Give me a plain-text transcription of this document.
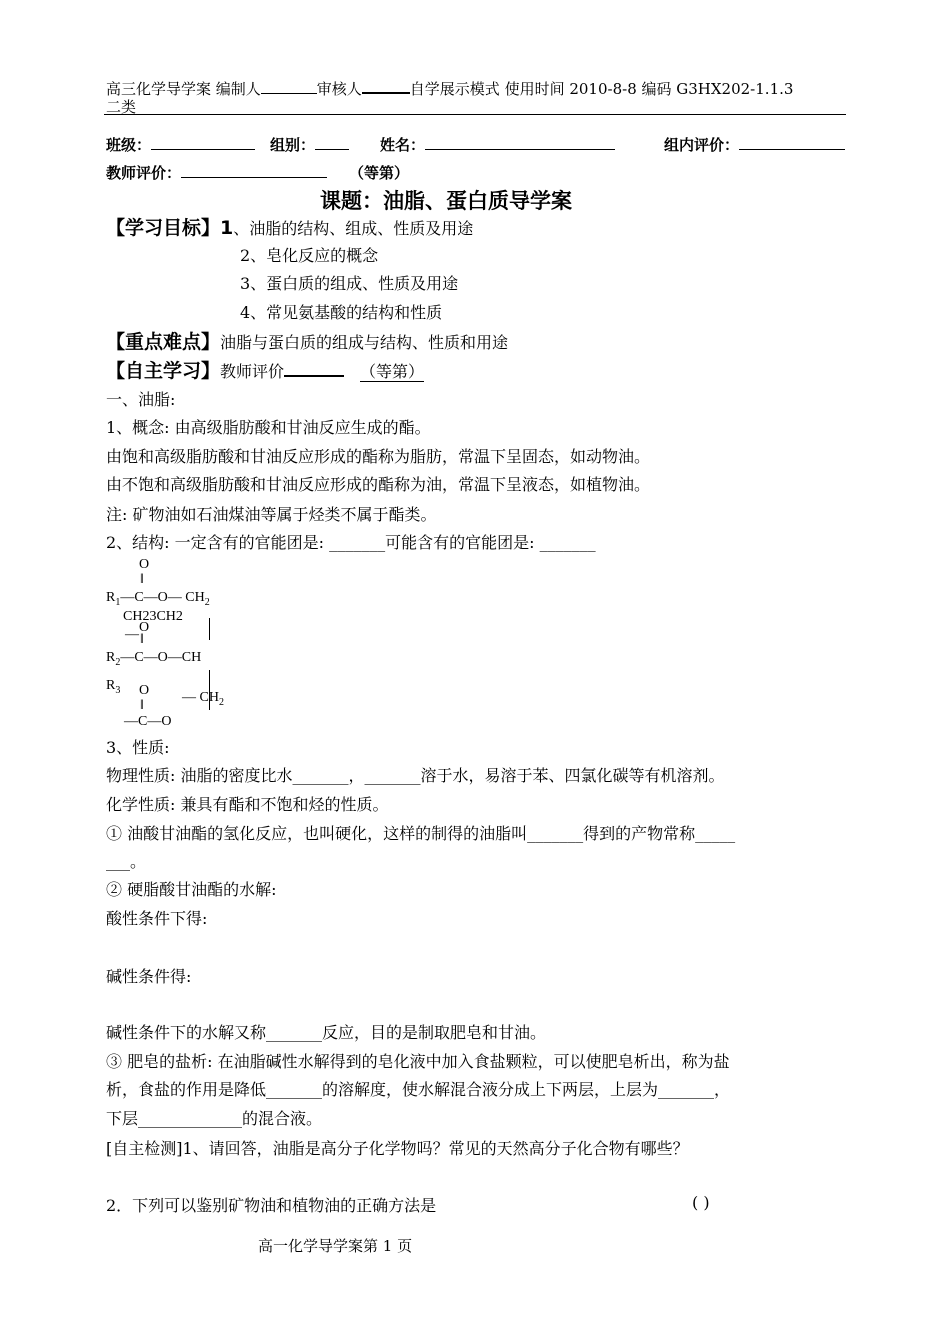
高三化学导学案 编制人	审核人	自学展示模式 使用时间 2010-8-8 编码 G3HX202-1.1.3
二类
班级：	组别：	姓名：	组内评价：
教师评价：	（等第）
课题：油脂、蛋白质导学案
【学习目标】1、油脂的结构、组成、性质及用途
2、皂化反应的概念
3、蛋白质的组成、性质及用途
4、常见氨基酸的结构和性质
【重点难点】油脂与蛋白质的组成与结构、性质和用途
【自主学习】教师评价	（等第）
一、油脂:
1、概念: 由高级脂肪酸和甘油反应生成的酯。
由饱和高级脂肪酸和甘油反应形成的酯称为脂肪，常温下呈固态，如动物油。
由不饱和高级脂肪酸和甘油反应形成的酯称为油，常温下呈液态，如植物油。
注: 矿物油如石油煤油等属于烃类不属于酯类。
2、结构: 一定含有的官能团是: _______可能含有的官能团是: _______
O
‖
$R_1—C—O—$ $CH_2$
CH23CH2
O
— ‖
$R_2—C—O—CH$
$R_3$ O — $CH_2$
‖
—C—O
3、性质:
物理性质: 油脂的密度比水_______，_______溶于水，易溶于苯、四氯化碳等有机溶剂。
化学性质: 兼具有酯和不饱和烃的性质。
① 油酸甘油酯的氢化反应，也叫硬化，这样的制得的油脂叫_______得到的产物常称_____
___。
② 硬脂酸甘油酯的水解:
酸性条件下得:
碱性条件得:
碱性条件下的水解又称_______反应，目的是制取肥皂和甘油。
③ 肥皂的盐析: 在油脂碱性水解得到的皂化液中加入食盐颗粒，可以使肥皂析出，称为盐
析，食盐的作用是降低_______的溶解度，使水解混合液分成上下两层，上层为_______，
下层_____________的混合液。
[自主检测]1、请回答，油脂是高分子化学物吗？常见的天然高分子化合物有哪些？
2．下列可以鉴别矿物油和植物油的正确方法是	( )
高一化学导学案第 1 页
